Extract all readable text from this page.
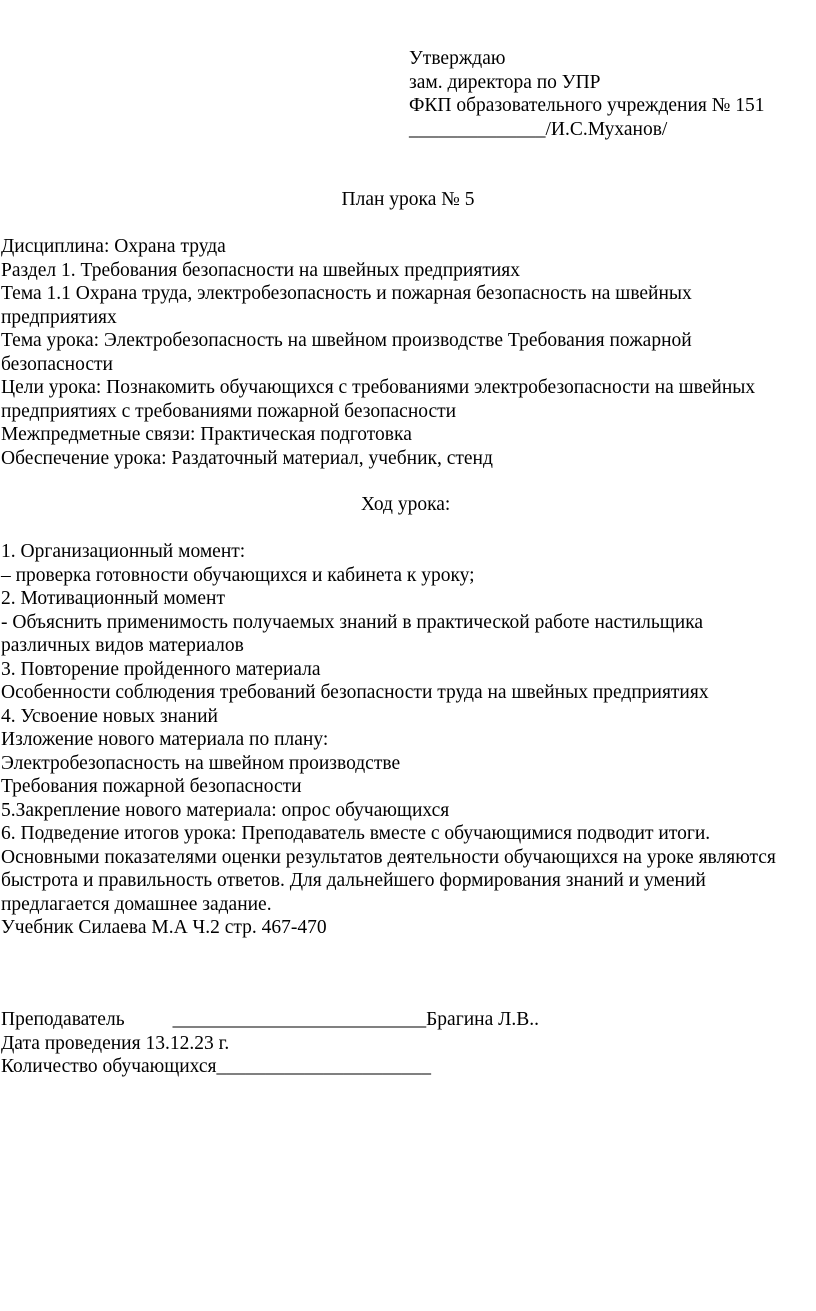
Утверждаю
зам. директора по УПР
ФКП образовательного учреждения № 151
______________/И.С.Муханов/
План урока № 5
Дисциплина: Охрана труда
Раздел 1. Требования безопасности на швейных предприятиях
Тема 1.1 Охрана труда, электробезопасность и пожарная безопасность на швейных
предприятиях
Тема урока: Электробезопасность на швейном производстве Требования пожарной
безопасности
Цели урока: Познакомить обучающихся с требованиями электробезопасности на швейных
предприятиях с требованиями пожарной безопасности
Межпредметные связи: Практическая подготовка
Обеспечение урока: Раздаточный материал, учебник, стенд
Ход урока:
1. Организационный момент:
– проверка готовности обучающихся и кабинета к уроку;
2. Мотивационный момент
- Объяснить применимость получаемых знаний в практической работе настильщика
различных видов материалов
3. Повторение пройденного материала
Особенности соблюдения требований безопасности труда на швейных предприятиях
4. Усвоение новых знаний
Изложение нового материала по плану:
Электробезопасность на швейном производстве
Требования пожарной безопасности
5.Закрепление нового материала: опрос обучающихся
6. Подведение итогов урока: Преподаватель вместе с обучающимися подводит итоги.
Основными показателями оценки результатов деятельности обучающихся на уроке являются
быстрота и правильность ответов. Для дальнейшего формирования знаний и умений
предлагается домашнее задание.
Учебник Силаева М.А Ч.2 стр. 467-470
Преподаватель __________________________Брагина Л.В..
Дата проведения 13.12.23 г.
Количество обучающихся______________________
